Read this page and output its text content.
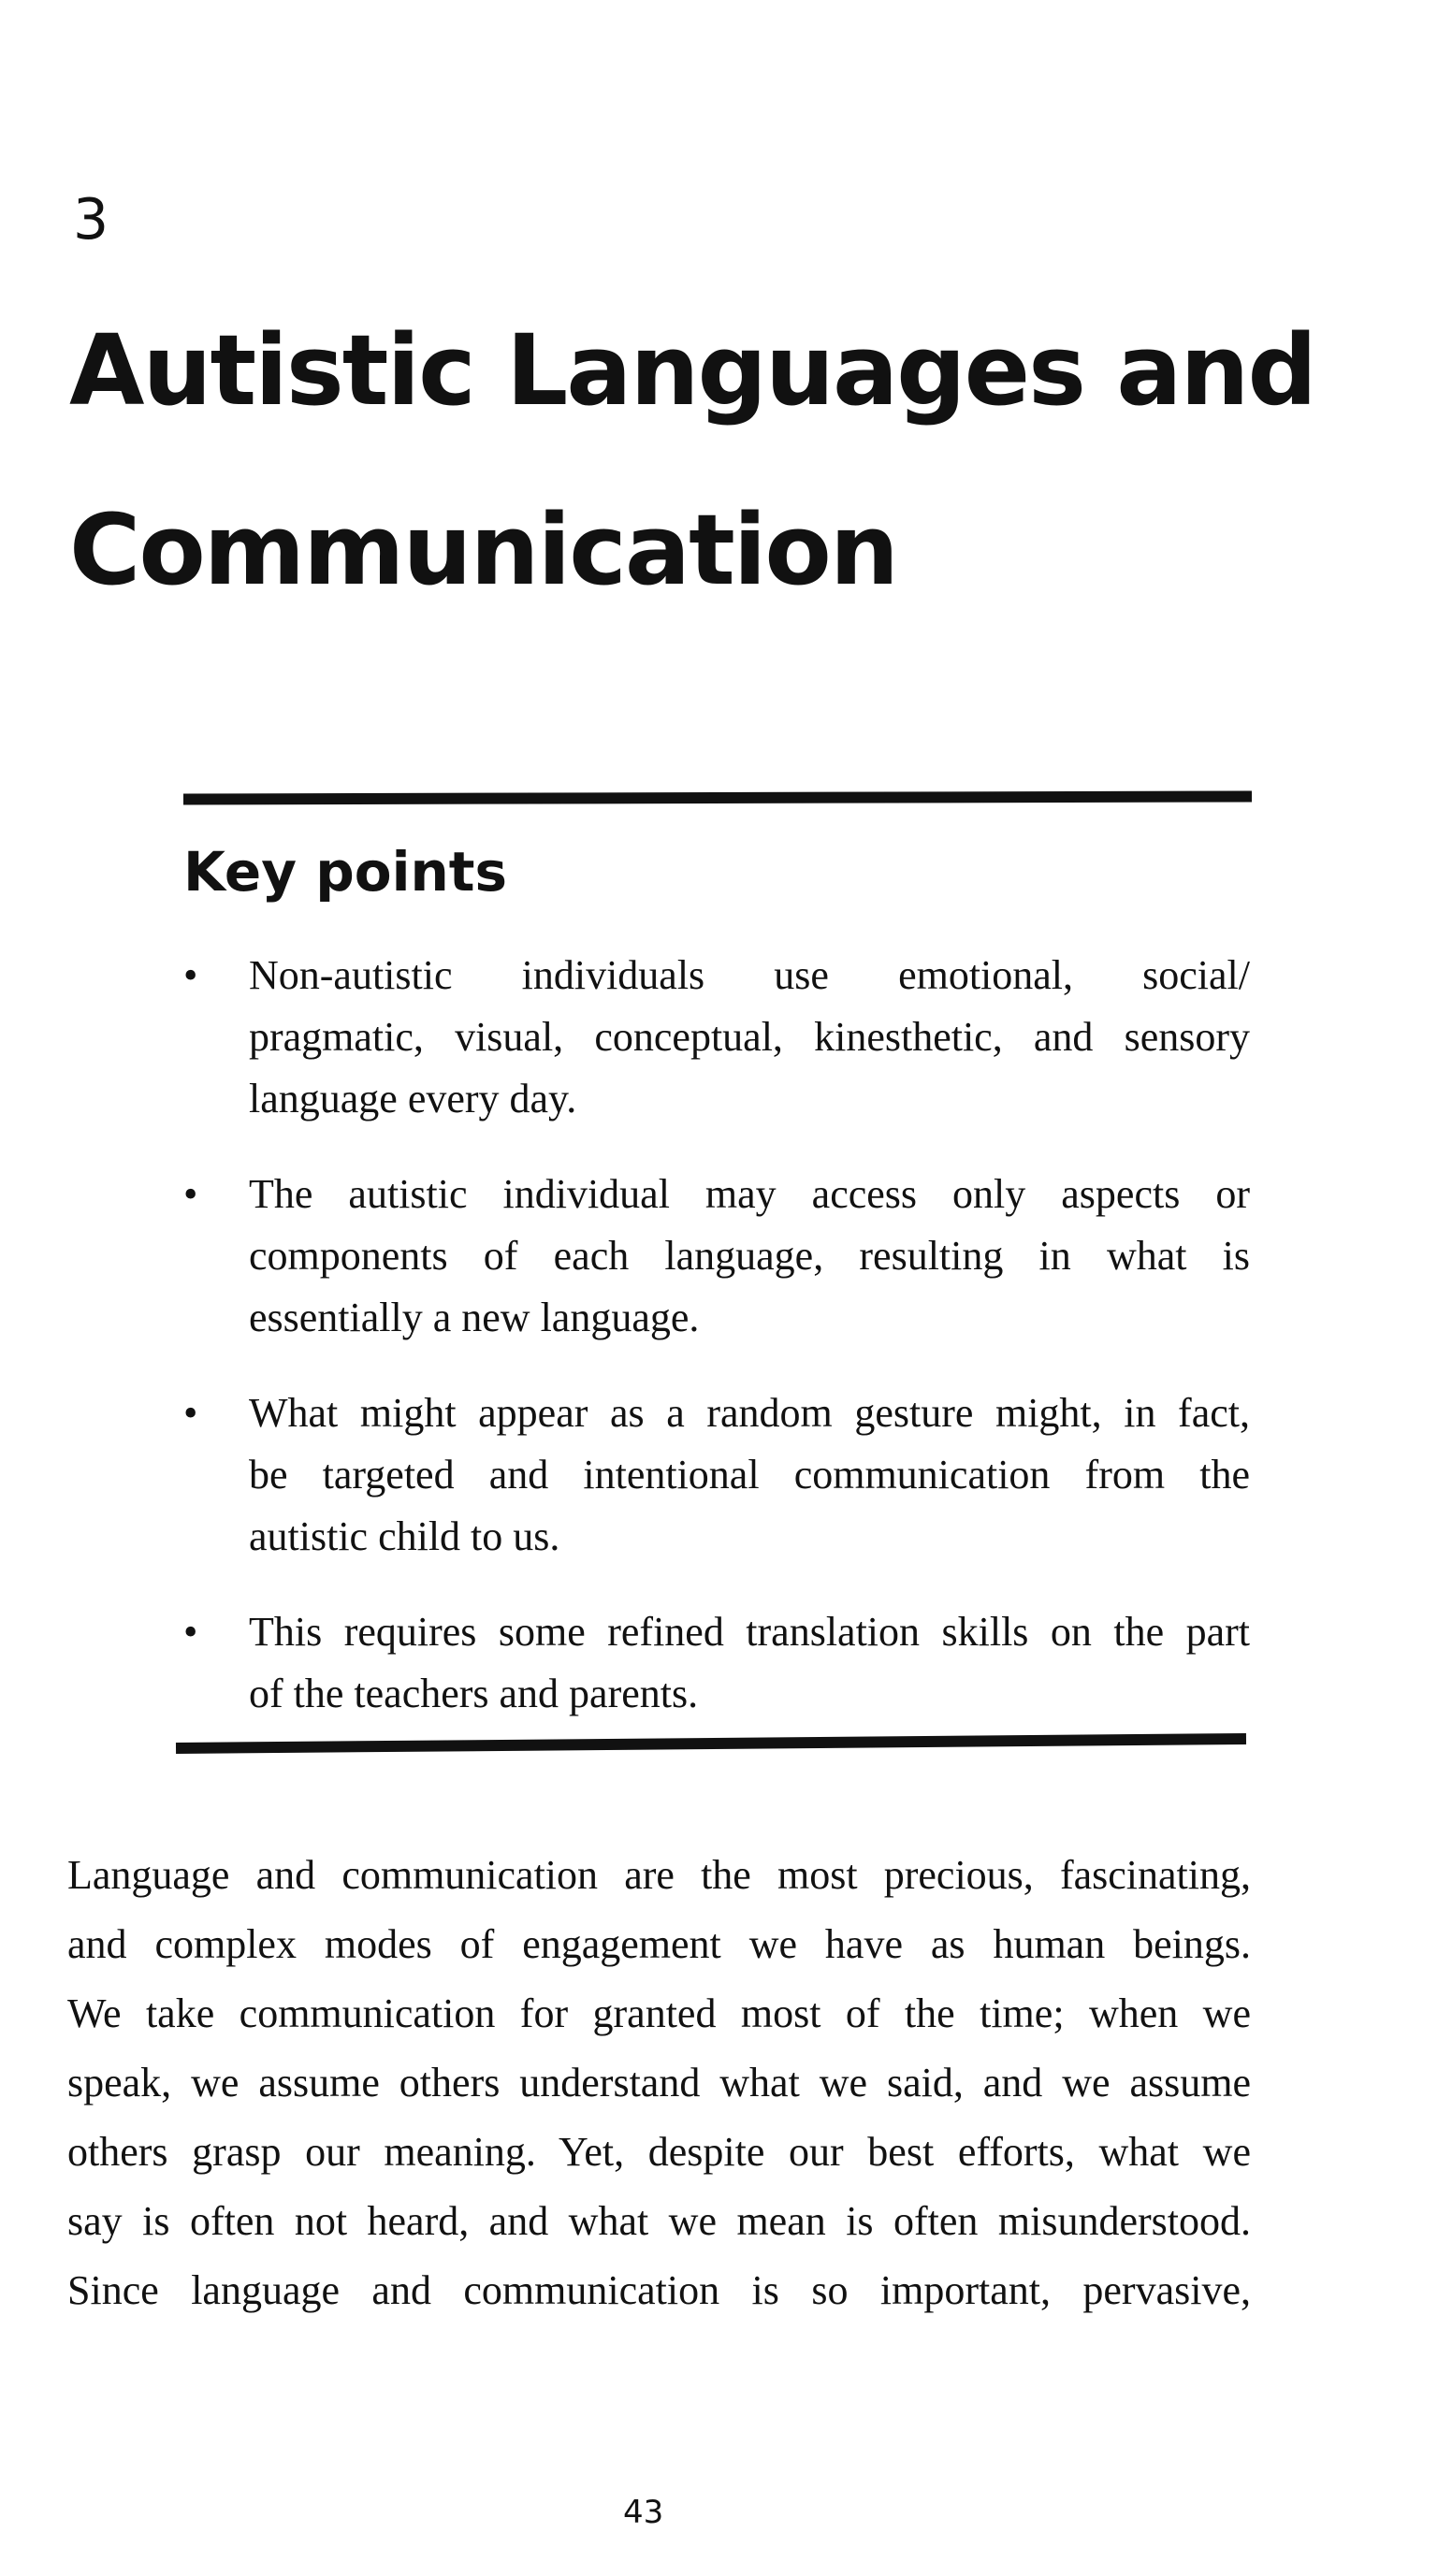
3
Autistic Languages and
Communication
Key points
• Non-autistic individuals use emotional, social/
pragmatic, visual, conceptual, kinesthetic, and sensory
language every day.
• The autistic individual may access only aspects or
components of each language, resulting in what is
essentially a new language.
• What might appear as a random gesture might, in fact,
be targeted and intentional communication from the
autistic child to us.
• This requires some refined translation skills on the part
of the teachers and parents.
Language and communication are the most precious, fascinating,
and complex modes of engagement we have as human beings.
We take communication for granted most of the time; when we
speak, we assume others understand what we said, and we assume
others grasp our meaning. Yet, despite our best efforts, what we
say is often not heard, and what we mean is often misunderstood.
Since language and communication is so important, pervasive,
43
